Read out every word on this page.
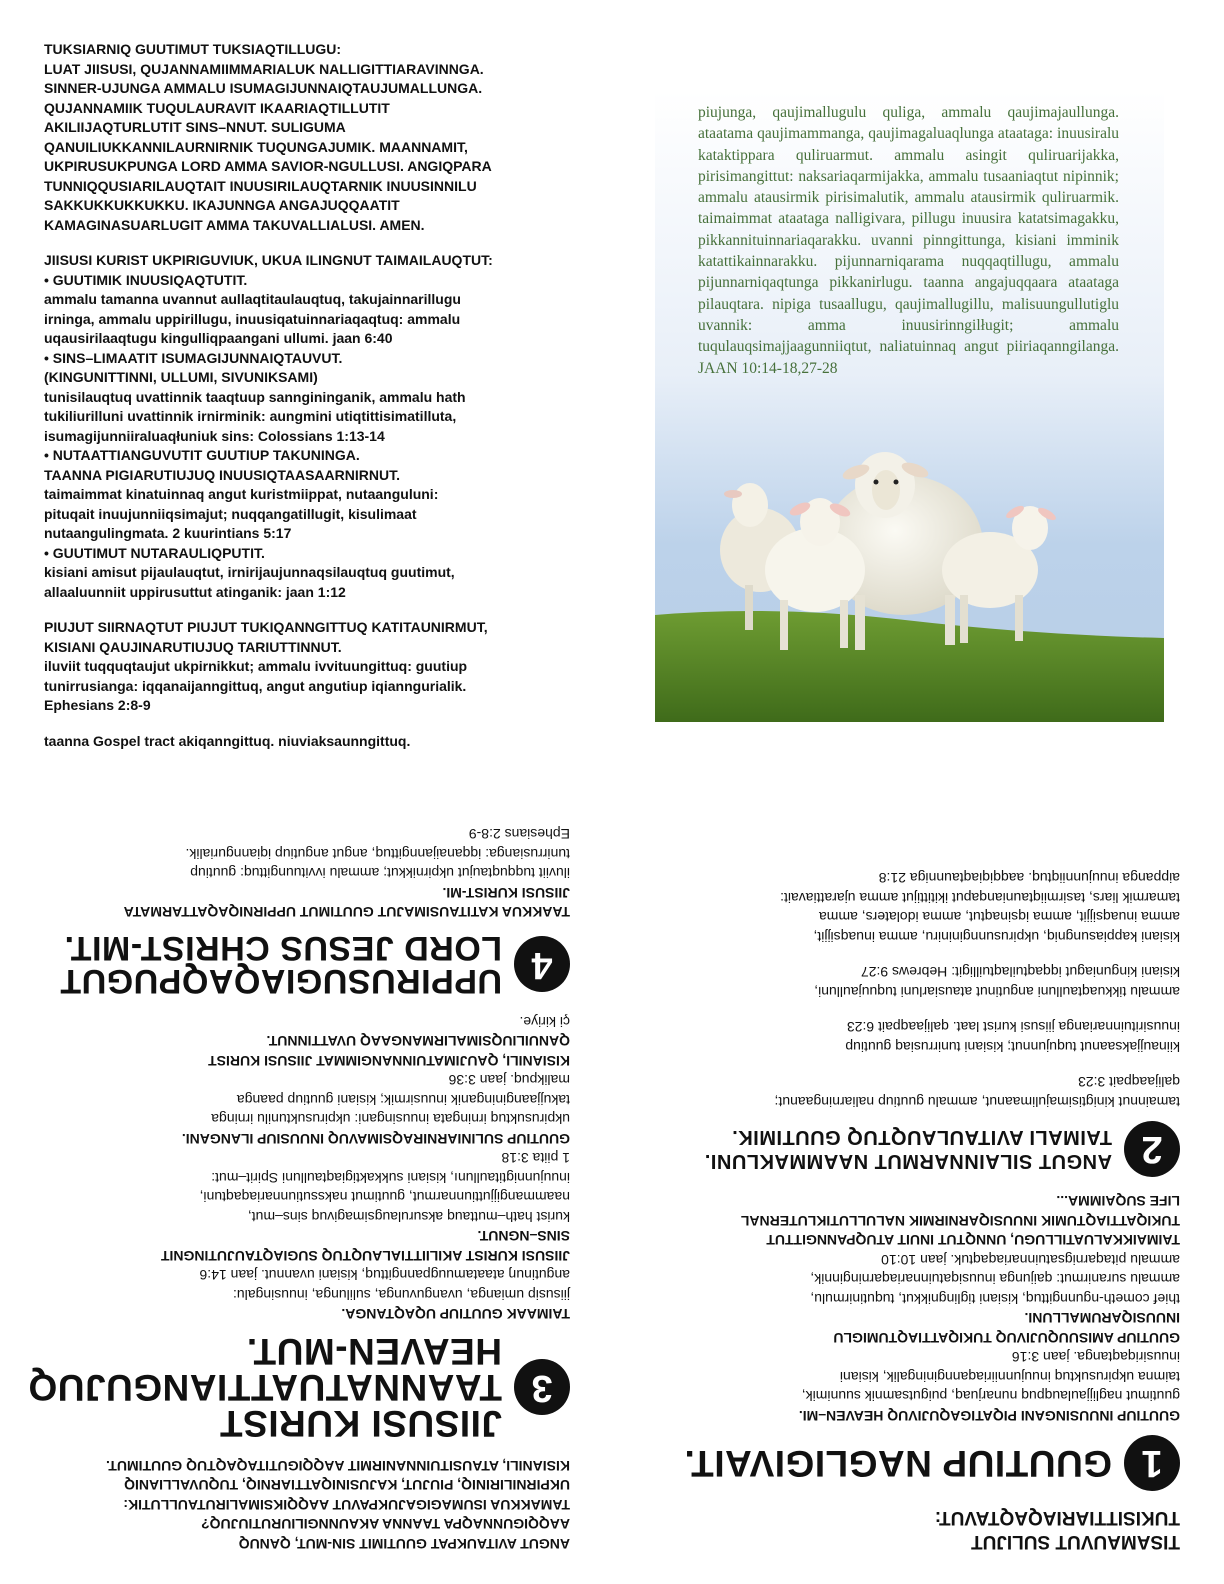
TUKSIARNIQ GUUTIMUT TUKSIAQTILLUGU:
LUAT JIISUSI, QUJANNAMIIMMARIALUK NALLIGITTIARAVINNGA.
SINNER-UJUNGA AMMALU ISUMAGIJUNNAIQTAUJUMALLUNGA.
QUJANNAMIIK TUQULAURAVIT IKAARIAQTILLUTIT
AKILIIJAQTURLUTIT SINS–NNUT. SULIGUMA
QANUILIUKKANNILAURNIRNIK TUQUNGAJUMIK. MAANNAMIT,
UKPIRUSUKPUNGA LORD AMMA SAVIOR-NGULLUSI. ANGIQPARA
TUNNIQQUSIARILAUQTAIT INUUSIRILAUQTARNIK INUUSINNILU
SAKKUKKUKKUKKU. IKAJUNNGA ANGAJUQQAATIT
KAMAGINASUARLUGIT AMMA TAKUVALLIALUSI. AMEN.

JIISUSI KURIST UKPIRIGUVIUK, UKUA ILINGNUT TAIMAILAUQTUT:

• GUUTIMIK INUUSIQAQTUTIT.

ammalu tamanna uvannut aullaqtitaulauqtuq, takujainnarillugu
irninga, ammalu uppirillugu, inuusiqatuinnariaqaqtuq: ammalu
uqausirilaaqtugu kingulliqpaangani ullumi. jaan 6:40

• SINS–LIMAATIT ISUMAGIJUNNAIQTAUVUT.
(KINGUNITTINNI, ULLUMI, SIVUNIKSAMI)

tunisilauqtuq uvattinnik taaqtuup sanngininganik, ammalu hath
tukiliurilluni uvattinnik irnirminik: aungmini utiqtittisimatilluta,
isumagijunniiraluaqłuniuk sins: Colossians 1:13-14

• NUTAATTIANGUVUTIT GUUTIUP TAKUNINGA.
TAANNA PIGIARUTIUJUQ INUUSIQTAASAARNIRNUT.

taimaimmat kinatuinnaq angut kuristmiippat, nutaanguluni:
pituqait inuujunniiqsimajut; nuqqangatillugit, kisulimaat
nutaangulingmata. 2 kuurintians 5:17

• GUUTIMUT NUTARAULIQPUTIT.

kisiani amisut pijaulauqtut, irnirijaujunnaqsilauqtuq guutimut,
allaaluunniit uppirusuttut atinganik: jaan 1:12

PIUJUT SIIRNAQTUT PIUJUT TUKIQANNGITTUQ KATITAUNIRMUT,
KISIANI QAUJINARUTIUJUQ TARIUTTINNUT.

iluviit tuqquqtaujut ukpirnikkut; ammalu ivvituungittuq: guutiup
tunirrusianga: iqqanaijanngittuq, angut angutiup iqianngurialik.
Ephesians 2:8-9

taanna Gospel tract akiqanngittuq. niuviaksaunngittuq.

piujunga, qaujimallugulu quliga, ammalu qaujimajaullunga. ataatama qaujimammanga, qaujimagaluaqlunga ataataga: inuusiralu kataktippara quliruarmut. ammalu asingit quliruarijakka, pirisimangittut: naksariaqarmijakka, ammalu tusaaniaqtut nipinnik; ammalu atausirmik pirisimalutik, ammalu atausirmik quliruarmik. taimaimmat ataataga nalligivara, pillugu inuusira katatsimagakku, pikkannituinnariaqarakku. uvanni pinngittunga, kisiani imminik katattikainnarakku. pijunnarniqarama nuqqaqtillugu, ammalu pijunnarniqaqtunga pikkanirlugu. taanna angajuqqaara ataataga pilauqtara. nipiga tusaallugu, qaujimallugillu, malisuungullutiglu uvannik: amma inuusirinngilługit; ammalu tuqulauqsimajjaagunniiqtut, naliatuinnaq angut piiriaqanngilanga. JAAN 10:14-18,27-28

ANGUT AVITAUKPAT GUUTIMIT SIN-MUT, QANUQ
AAQQIGUNNAQPA TAANNA AKAUNNGILIURUTIUJUQ?
TAMAKKUA ISUMAGIGAJUKPAVUT AAQQIKSIMALIRUTAULLUTIK:
UKPIRNILIRINIQ, PIUJUT, KAJUSINIQATTIARNIQ, TUQUVALLIANIQ
KISIANILI, ATAUSITUINNANIRMIT AAQQIGUTITAQAQTUQ GUUTIMUT.

3
JIISUSI KURIST
TAANNATUATTIANGUJUQ
HEAVEN-MUT.

TAIMAAK GUUTIUP UQAQTANGA.

jiisusip umianga, uvanguvunga, sulilunga, inuusingalu:
angutinuŋ ataatamuugpanngittuq, kisiani uvannut. jaan 14:6

JIISUSI KURIST AKILIITTIALAUQTUQ SUGIAQTAUJUTINGNIT
SINS–NGNUT.

kurist hath–muttauq aksurulaugsimagivuq sins–mut,
naammangijjuttiunnarmut, guutimut nakssutiunnariaqaqtuni,
inuujunnigtitaullunı, kisiani sukkaktigiaqtaulluni Spirit–mut:
1 piita 3:18

GUUTIUP SULINIARNIRAQSIMAVUQ INUUSIUP ILANGANI.

ukpirusuktuq irningata inuusingani: ukpirusuktunilu irninga
takujjaangininganik inuusirmik; kisiani guutiup paanga
malikpuq. jaan 3:36

KISIANILI, QAUJIMATUINNANGIMMAT JIISUSI KURIST
QANUILIUQSIMALIRMANGAAQ UVATTINNUT.

çi kiriye.

4
UPPIRUSUGIAQAQPUGUT
LORD JESUS CHRIST-MIT.

TAAKKUA KATITAUSIMAJUT GUUTIMUT UPPIRNIQAQATTARMATA
JIISUSI KURIST-MI.

iluviit tuqquqtaujut ukpirnikkut; ammalu ivvituungittuq: guutiup
tunirrusianga: iqqanaijanngittuq, angut angutiup iqianngurialik.
Ephesians 2:8-9

TISAMAUVUT SULIJUT
TUKISITTIARIAQAQTAVUT:

1
GUUTIUP NAGLIGIVAIT.

GUUTIUP INUUSINGANI PIQATIGAQUJIVUQ HEAVEN–MI.

guutimut naglijjaulauqpuq nunarjuaq, puigutsamnik suunimik,
taimna ukpirusuktuq inuujunniiriaqannginingalik, kisiani
inuusiriqaqtanga. jaan 3:16

GUUTIUP AMISUUQUJIVUQ TUKIQATTIAQTUMIGLU
INUUSIQARUMALLUNI.

thief cometh-ngunngittuq, kisiani tiglingnikkut, tuqutinirmulu,
ammalu suranirmut: qaijunga inuusiqatuinnariaqarninginnik,
ammalu pitaqarnigsatuinnariaqaqtuk. jaan 10:10

TAIMAIKKALUATILLUGU, UNNQTUT INUIT ATUQPANNGITTUT
TUKIQATTIAQTUMIK INUUSIQARNIRMIK NALULLUTIKLUTERNAL
LIFE SUQAIMMA...

2
ANGUT SILAINNARMUT NAAMMAKLUNI.
TAIMALI AVITAULAUQTUQ GUUTIMIK.

tamainnut kinigtisimajulimaanut, ammalu guutiup naliarningaanut;
qalijaaqpait 3:23

kiinaujjaksaanut tuqujunnut; kisiani tunirrusiaq guutiup
inuusirituinnarianga jiisusi kurist laat. qalijaaqpait 6:23

ammalu tikkuaqtaulluni angutinut atausiarluni tuquujaulluni,
kisiani kinguniagut iqqaqtuilaqtuilligit: Hebrews 9:27

kisiani kappiasungniq, ukpirusunngininiru, amma inuaqsijjit,
amma inuaqsijjit, amma iqsinaqtut, amma idolaters, amma
tamarmik liars, tasirmiiqtaunianqaput ikitittijut amma ujarattiavait:
aippanga inuujunniiqtuq. aaqqiqiaqtaunniga 21:8
